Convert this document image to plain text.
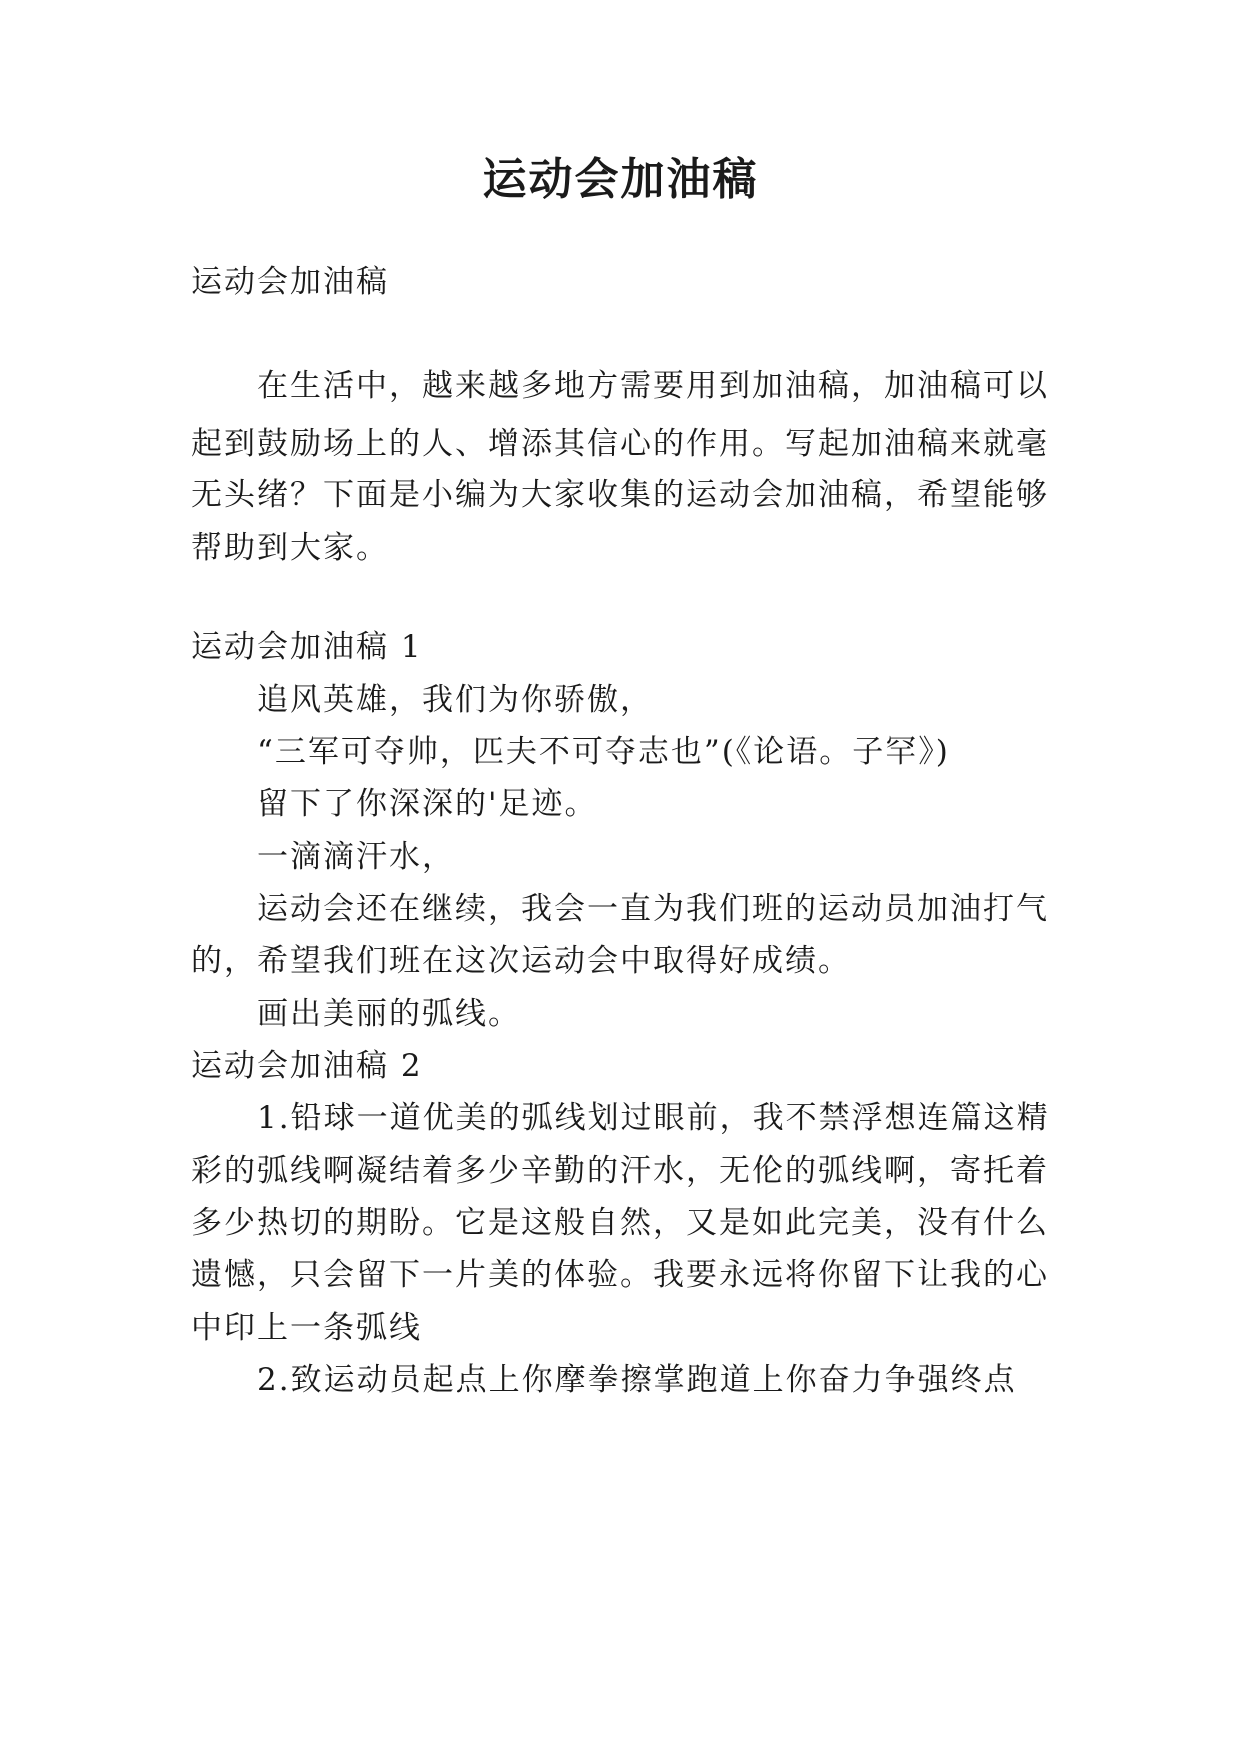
运动会加油稿

运动会加油稿

在生活中，越来越多地方需要用到加油稿，加油稿可以

起到鼓励场上的人、增添其信心的作用。写起加油稿来就毫

无头绪？下面是小编为大家收集的运动会加油稿，希望能够

帮助到大家。

运动会加油稿 1

追风英雄，我们为你骄傲，

“三军可夺帅，匹夫不可夺志也”(《论语。子罕》)

留下了你深深的'足迹。

一滴滴汗水，

运动会还在继续，我会一直为我们班的运动员加油打气

的，希望我们班在这次运动会中取得好成绩。

画出美丽的弧线。

运动会加油稿 2

1.铅球一道优美的弧线划过眼前，我不禁浮想连篇这精

彩的弧线啊凝结着多少辛勤的汗水，无伦的弧线啊，寄托着

多少热切的期盼。它是这般自然，又是如此完美，没有什么

遗憾，只会留下一片美的体验。我要永远将你留下让我的心

中印上一条弧线

2.致运动员起点上你摩拳擦掌跑道上你奋力争强终点
